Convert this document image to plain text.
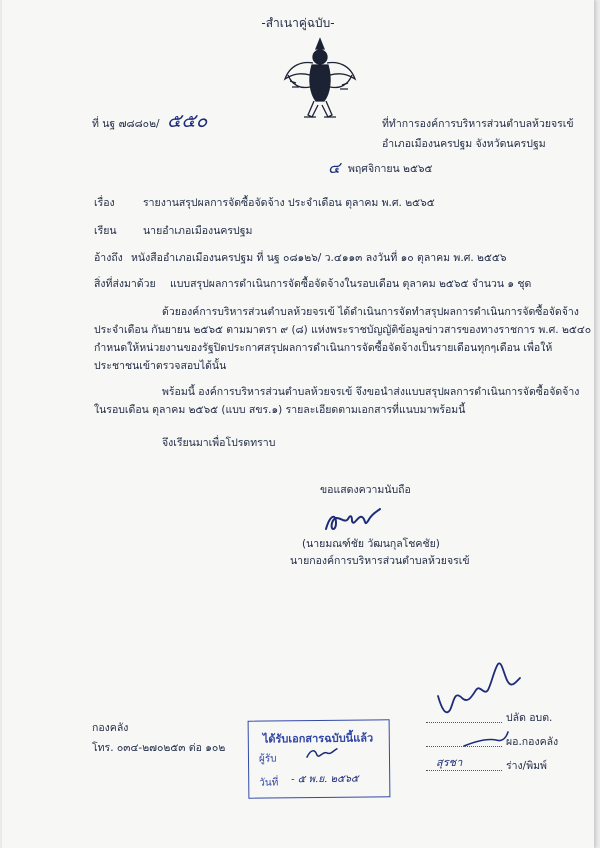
-สำเนาคู่ฉบับ-
ที่ นฐ ๗๘๘๐๒/ ๕๕๐	ที่ทำการองค์การบริหารส่วนตำบลห้วยจรเข้
อำเภอเมืองนครปฐม จังหวัดนครปฐม
๔ พฤศจิกายน ๒๕๖๕
เรื่อง	รายงานสรุปผลการจัดซื้อจัดจ้าง ประจำเดือน ตุลาคม พ.ศ. ๒๕๖๕
เรียน	นายอำเภอเมืองนครปฐม
อ้างถึง หนังสืออำเภอเมืองนครปฐม ที่ นฐ ๐๘๑๒๖/ ว.๔๑๑๓ ลงวันที่ ๑๐ ตุลาคม พ.ศ. ๒๕๕๖
สิ่งที่ส่งมาด้วย แบบสรุปผลการดำเนินการจัดซื้อจัดจ้างในรอบเดือน ตุลาคม ๒๕๖๕ จำนวน ๑ ชุด
ด้วยองค์การบริหารส่วนตำบลห้วยจรเข้ ได้ดำเนินการจัดทำสรุปผลการดำเนินการจัดซื้อจัดจ้าง
ประจำเดือน กันยายน ๒๕๖๕ ตามมาตรา ๙ (๘) แห่งพระราชบัญญัติข้อมูลข่าวสารของทางราชการ พ.ศ. ๒๕๔๐
กำหนดให้หน่วยงานของรัฐปิดประกาศสรุปผลการดำเนินการจัดซื้อจัดจ้างเป็นรายเดือนทุกๆเดือน เพื่อให้
ประชาชนเข้าตรวจสอบได้นั้น
พร้อมนี้ องค์การบริหารส่วนตำบลห้วยจรเข้ จึงขอนำส่งแบบสรุปผลการดำเนินการจัดซื้อจัดจ้าง
ในรอบเดือน ตุลาคม ๒๕๖๕ (แบบ สขร.๑) รายละเอียดตามเอกสารที่แนบมาพร้อมนี้
จึงเรียนมาเพื่อโปรดทราบ
ขอแสดงความนับถือ
(นายมณฑ์ชัย วัฒนกุลโชคชัย)
นายกองค์การบริหารส่วนตำบลห้วยจรเข้
ปลัด อบต.
ผอ.กองคลัง
สุรชา	ร่าง/พิมพ์
กองคลัง
โทร. ๐๓๔-๒๗๐๒๕๓ ต่อ ๑๐๒
ได้รับเอกสารฉบับนี้แล้ว
ผู้รับ
วันที่ - ๕ พ.ย. ๒๕๖๕
